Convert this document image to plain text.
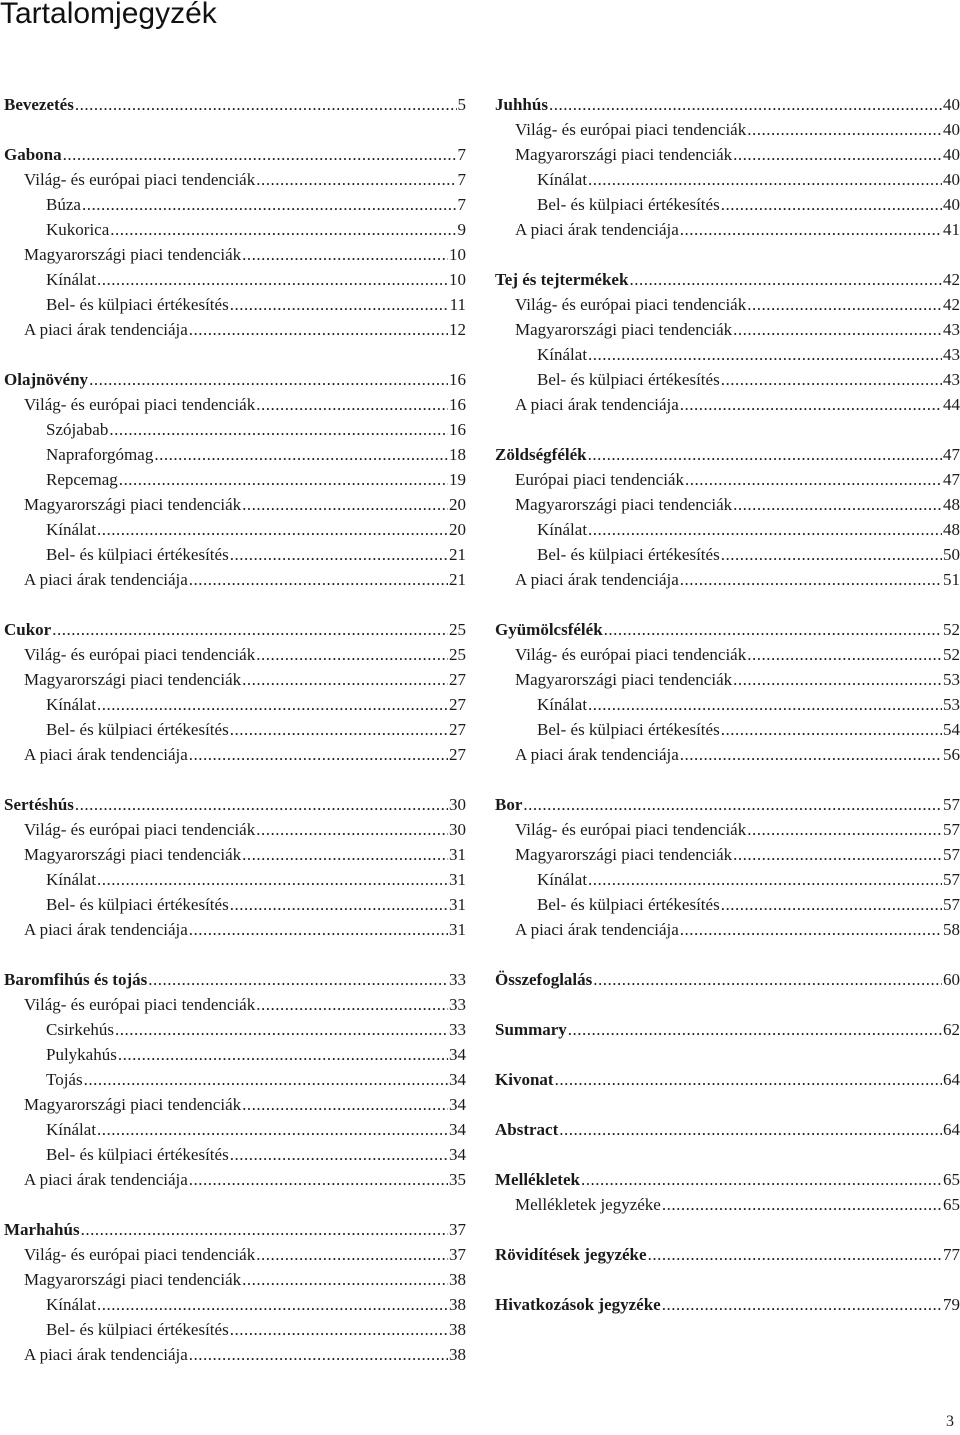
Tartalomjegyzék
Bevezetés .....	5
Gabona .....	7
Világ- és európai piaci tendenciák .....	7
Búza .....	7
Kukorica .....	9
Magyarországi piaci tendenciák .....	10
Kínálat .....	10
Bel- és külpiaci értékesítés .....	11
A piaci árak tendenciája .....	12
Olajnövény .....	16
Világ- és európai piaci tendenciák .....	16
Szójabab .....	16
Napraforgómag .....	18
Repcemag .....	19
Magyarországi piaci tendenciák .....	20
Kínálat .....	20
Bel- és külpiaci értékesítés .....	21
A piaci árak tendenciája .....	21
Cukor .....	25
Világ- és európai piaci tendenciák .....	25
Magyarországi piaci tendenciák .....	27
Kínálat .....	27
Bel- és külpiaci értékesítés .....	27
A piaci árak tendenciája .....	27
Sertéshús .....	30
Világ- és európai piaci tendenciák .....	30
Magyarországi piaci tendenciák .....	31
Kínálat .....	31
Bel- és külpiaci értékesítés .....	31
A piaci árak tendenciája .....	31
Baromfihús és tojás .....	33
Világ- és európai piaci tendenciák .....	33
Csirkehús .....	33
Pulykahús .....	34
Tojás .....	34
Magyarországi piaci tendenciák .....	34
Kínálat .....	34
Bel- és külpiaci értékesítés .....	34
A piaci árak tendenciája .....	35
Marhahús .....	37
Világ- és európai piaci tendenciák .....	37
Magyarországi piaci tendenciák .....	38
Kínálat .....	38
Bel- és külpiaci értékesítés .....	38
A piaci árak tendenciája .....	38
Juhhús .....	40
Világ- és európai piaci tendenciák .....	40
Magyarországi piaci tendenciák .....	40
Kínálat .....	40
Bel- és külpiaci értékesítés .....	40
A piaci árak tendenciája .....	41
Tej és tejtermékek .....	42
Világ- és európai piaci tendenciák .....	42
Magyarországi piaci tendenciák .....	43
Kínálat .....	43
Bel- és külpiaci értékesítés .....	43
A piaci árak tendenciája .....	44
Zöldségfélék .....	47
Európai piaci tendenciák .....	47
Magyarországi piaci tendenciák .....	48
Kínálat .....	48
Bel- és külpiaci értékesítés .....	50
A piaci árak tendenciája .....	51
Gyümölcsfélék .....	52
Világ- és európai piaci tendenciák .....	52
Magyarországi piaci tendenciák .....	53
Kínálat .....	53
Bel- és külpiaci értékesítés .....	54
A piaci árak tendenciája .....	56
Bor .....	57
Világ- és európai piaci tendenciák .....	57
Magyarországi piaci tendenciák .....	57
Kínálat .....	57
Bel- és külpiaci értékesítés .....	57
A piaci árak tendenciája .....	58
Összefoglalás .....	60
Summary .....	62
Kivonat .....	64
Abstract .....	64
Mellékletek .....	65
Mellékletek jegyzéke .....	65
Rövidítések jegyzéke .....	77
Hivatkozások jegyzéke .....	79
3
